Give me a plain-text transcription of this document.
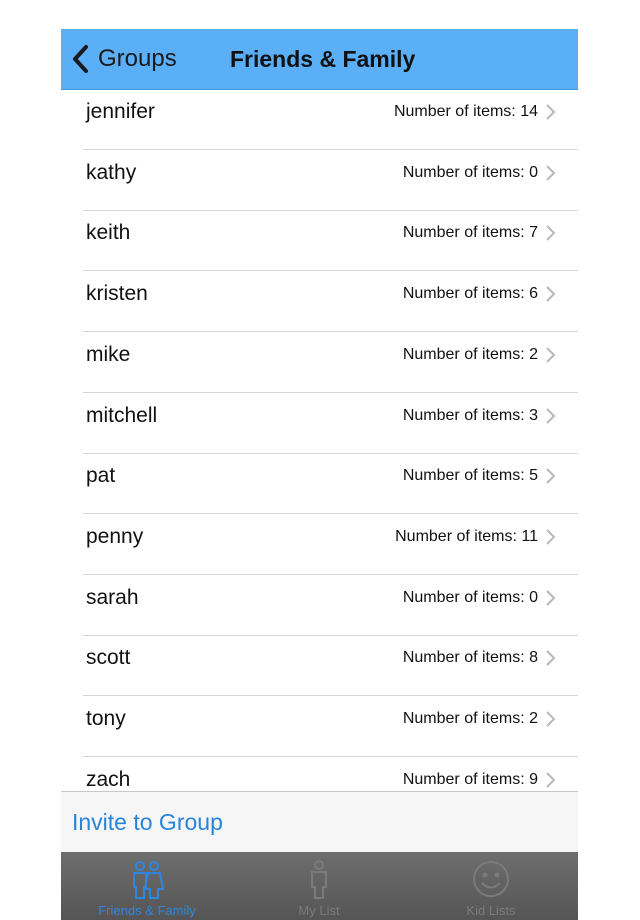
Groups Friends & Family
jennifer	Number of items: 14
kathy	Number of items: 0
keith	Number of items: 7
kristen	Number of items: 6
mike	Number of items: 2
mitchell	Number of items: 3
pat	Number of items: 5
penny	Number of items: 11
sarah	Number of items: 0
scott	Number of items: 8
tony	Number of items: 2
zach	Number of items: 9
Invite to Group
Friends & Family	My List	Kid Lists
